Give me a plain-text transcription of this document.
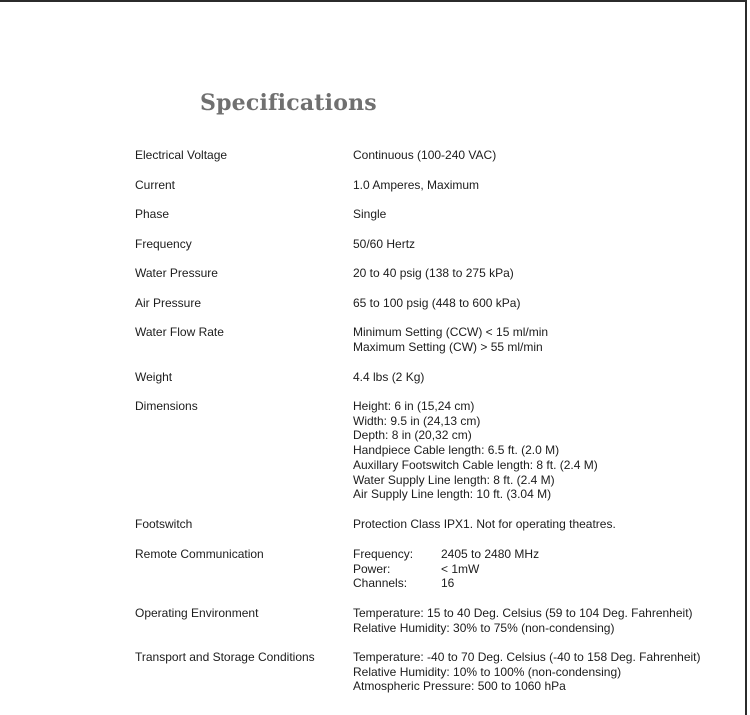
Specifications
Electrical Voltage	Continuous (100-240 VAC)
Current	1.0 Amperes, Maximum
Phase	Single
Frequency	50/60 Hertz
Water Pressure	20 to 40 psig (138 to 275 kPa)
Air Pressure	65 to 100 psig (448 to 600 kPa)
Water Flow Rate	Minimum Setting (CCW) < 15 ml/min
Maximum Setting (CW) > 55 ml/min
Weight	4.4 lbs (2 Kg)
Dimensions	Height: 6 in (15,24 cm)
Width: 9.5 in (24,13 cm)
Depth: 8 in (20,32 cm)
Handpiece Cable length: 6.5 ft. (2.0 M)
Auxillary Footswitch Cable length: 8 ft. (2.4 M)
Water Supply Line length: 8 ft. (2.4 M)
Air Supply Line length: 10 ft. (3.04 M)
Footswitch	Protection Class IPX1. Not for operating theatres.
Remote Communication	Frequency:	2405 to 2480 MHz
Power:	< 1mW
Channels:	16
Operating Environment	Temperature: 15 to 40 Deg. Celsius (59 to 104 Deg. Fahrenheit)
Relative Humidity: 30% to 75% (non-condensing)
Transport and Storage Conditions	Temperature: -40 to 70 Deg. Celsius (-40 to 158 Deg. Fahrenheit)
Relative Humidity: 10% to 100% (non-condensing)
Atmospheric Pressure: 500 to 1060 hPa
